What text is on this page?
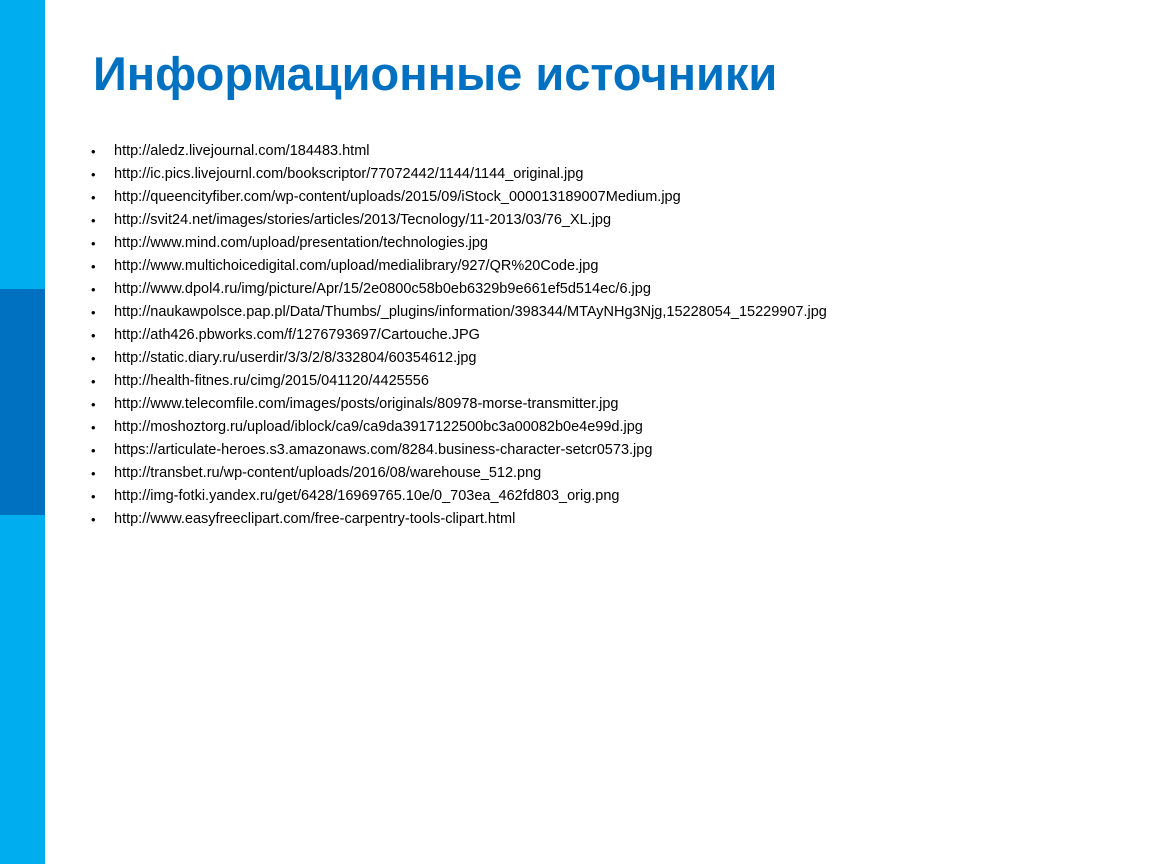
Информационные источники
•	http://aledz.livejournal.com/184483.html
•	http://ic.pics.livejournl.com/bookscriptor/77072442/1144/1144_original.jpg
•	http://queencityfiber.com/wp-content/uploads/2015/09/iStock_000013189007Medium.jpg
•	http://svit24.net/images/stories/articles/2013/Tecnology/11-2013/03/76_XL.jpg
•	http://www.mind.com/upload/presentation/technologies.jpg
•	http://www.multichoicedigital.com/upload/medialibrary/927/QR%20Code.jpg
•	http://www.dpol4.ru/img/picture/Apr/15/2e0800c58b0eb6329b9e661ef5d514ec/6.jpg
•	http://naukawpolsce.pap.pl/Data/Thumbs/_plugins/information/398344/MTAyNHg3Njg,15228054_15229907.jpg
•	http://ath426.pbworks.com/f/1276793697/Cartouche.JPG
•	http://static.diary.ru/userdir/3/3/2/8/332804/60354612.jpg
•	http://health-fitnes.ru/cimg/2015/041120/4425556
•	http://www.telecomfile.com/images/posts/originals/80978-morse-transmitter.jpg
•	http://moshoztorg.ru/upload/iblock/ca9/ca9da3917122500bc3a00082b0e4e99d.jpg
•	https://articulate-heroes.s3.amazonaws.com/8284.business-character-setcr0573.jpg
•	http://transbet.ru/wp-content/uploads/2016/08/warehouse_512.png
•	http://img-fotki.yandex.ru/get/6428/16969765.10e/0_703ea_462fd803_orig.png
•	http://www.easyfreeclipart.com/free-carpentry-tools-clipart.html
